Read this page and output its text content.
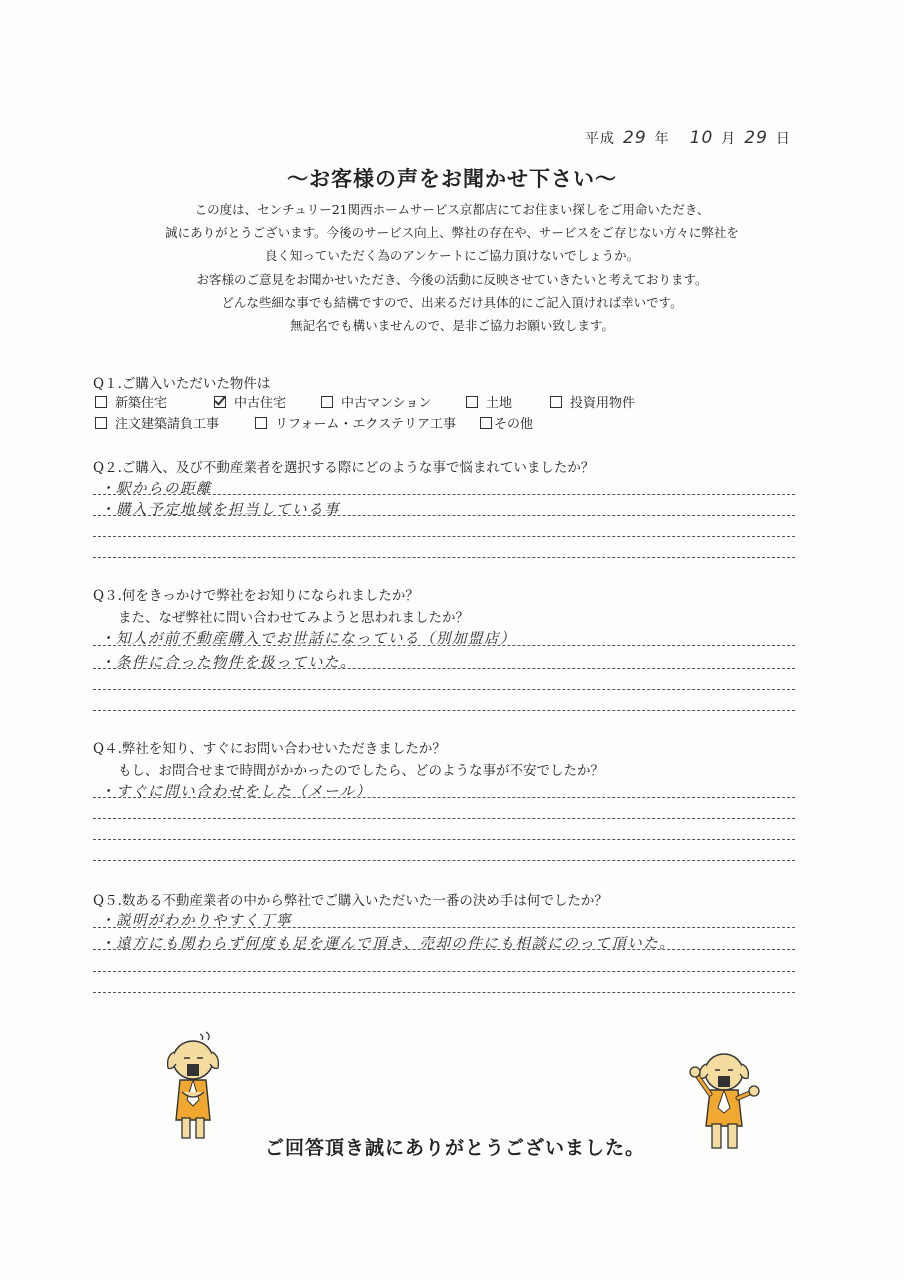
平成 29 年 10 月 29 日
〜お客様の声をお聞かせ下さい〜
この度は、センチュリー21関西ホームサービス京都店にてお住まい探しをご用命いただき、
誠にありがとうございます。今後のサービス向上、弊社の存在や、サービスをご存じない方々に弊社を
良く知っていただく為のアンケートにご協力頂けないでしょうか。
お客様のご意見をお聞かせいただき、今後の活動に反映させていきたいと考えております。
どんな些細な事でも結構ですので、出来るだけ具体的にご記入頂ければ幸いです。
無記名でも構いませんので、是非ご協力お願い致します。
Q１.ご購入いただいた物件は
新築住宅	中古住宅	中古マンション	土地	投資用物件
注文建築請負工事	リフォーム・エクステリア工事	その他
Q２.ご購入、及び不動産業者を選択する際にどのような事で悩まれていましたか？
・駅からの距離
・購入予定地域を担当している事
Q３.何をきっかけで弊社をお知りになられましたか？
また、なぜ弊社に問い合わせてみようと思われましたか？
・知人が前不動産購入でお世話になっている（別加盟店）
・条件に合った物件を扱っていた。
Q４.弊社を知り、すぐにお問い合わせいただきましたか？
もし、お問合せまで時間がかかったのでしたら、どのような事が不安でしたか？
・すぐに問い合わせをした（メール）
Q５.数ある不動産業者の中から弊社でご購入いただいた一番の決め手は何でしたか？
・説明がわかりやすく丁寧
・遠方にも関わらず何度も足を運んで頂き、売却の件にも相談にのって頂いた。
ご回答頂き誠にありがとうございました。
